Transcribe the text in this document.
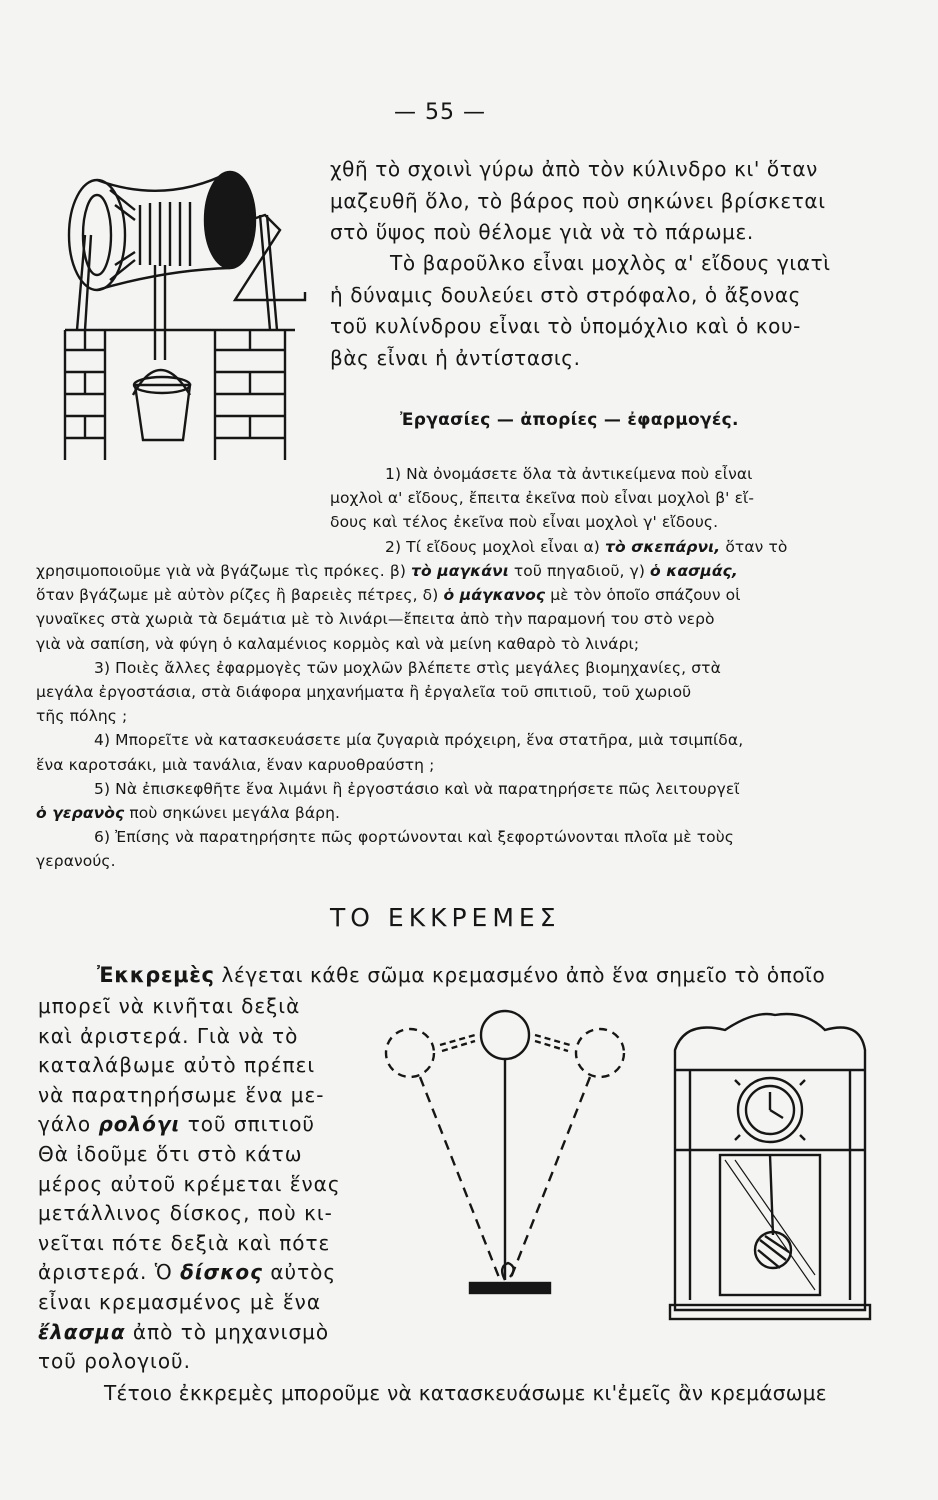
— 55 —
χθῆ τὸ σχοινὶ γύρω ἀπὸ τὸν κύλινδρο κι' ὅταν
μαζευθῆ ὅλο, τὸ βάρος ποὺ σηκώνει βρίσκεται
στὸ ὕψος ποὺ θέλομε γιὰ νὰ τὸ πάρωμε.
Τὸ βαροῦλκο εἶναι μοχλὸς α' εἴδους γιατὶ
ἡ δύναμις δουλεύει στὸ στρόφαλο, ὁ ἄξονας
τοῦ κυλίνδρου εἶναι τὸ ὑπομόχλιο καὶ ὁ κου-
βὰς εἶναι ἡ ἀντίστασις.
Ἐργασίες — ἀπορίες — ἐφαρμογές.
1) Νὰ ὀνομάσετε ὅλα τὰ ἀντικείμενα ποὺ εἶναι
μοχλοὶ α' εἴδους, ἔπειτα ἐκεῖνα ποὺ εἶναι μοχλοὶ β' εἴ-
δους καὶ τέλος ἐκεῖνα ποὺ εἶναι μοχλοὶ γ' εἴδους.
2) Τί εἴδους μοχλοὶ εἶναι α) τὸ σκεπάρνι, ὅταν τὸ
χρησιμοποιοῦμε γιὰ νὰ βγάζωμε τὶς πρόκες. β) τὸ μαγκάνι τοῦ πηγαδιοῦ, γ) ὁ κασμάς,
ὅταν βγάζωμε μὲ αὐτὸν ρίζες ἢ βαρειὲς πέτρες, δ) ὁ μάγκανος μὲ τὸν ὁποῖο σπάζουν οἱ
γυναῖκες στὰ χωριὰ τὰ δεμάτια μὲ τὸ λινάρι—ἔπειτα ἀπὸ τὴν παραμονή του στὸ νερὸ
γιὰ νὰ σαπίση, νὰ φύγη ὁ καλαμένιος κορμὸς καὶ νὰ μείνη καθαρὸ τὸ λινάρι;
3) Ποιὲς ἄλλες ἐφαρμογὲς τῶν μοχλῶν βλέπετε στὶς μεγάλες βιομηχανίες, στὰ
μεγάλα ἐργοστάσια, στὰ διάφορα μηχανήματα ἢ ἐργαλεῖα τοῦ σπιτιοῦ, τοῦ χωριοῦ
τῆς πόλης ;
4) Μπορεῖτε νὰ κατασκευάσετε μία ζυγαριὰ πρόχειρη, ἕνα στατῆρα, μιὰ τσιμπίδα,
ἕνα καροτσάκι, μιὰ τανάλια, ἕναν καρυοθραύστη ;
5) Νὰ ἐπισκεφθῆτε ἕνα λιμάνι ἢ ἐργοστάσιο καὶ νὰ παρατηρήσετε πῶς λειτουργεῖ
ὁ γερανὸς ποὺ σηκώνει μεγάλα βάρη.
6) Ἐπίσης νὰ παρατηρήσητε πῶς φορτώνονται καὶ ξεφορτώνονται πλοῖα μὲ τοὺς
γερανούς.
ΤΟ ΕΚΚΡΕΜΕΣ
Ἐκκρεμὲς λέγεται κάθε σῶμα κρεμασμένο ἀπὸ ἕνα σημεῖο τὸ ὁποῖο
μπορεῖ νὰ κινῆται δεξιὰ
καὶ ἀριστερά. Γιὰ νὰ τὸ
καταλάβωμε αὐτὸ πρέπει
νὰ παρατηρήσωμε ἕνα με-
γάλο ρολόγι τοῦ σπιτιοῦ
Θὰ ἰδοῦμε ὅτι στὸ κάτω
μέρος αὐτοῦ κρέμεται ἕνας
μετάλλινος δίσκος, ποὺ κι-
νεῖται πότε δεξιὰ καὶ πότε
ἀριστερά. Ὁ δίσκος αὐτὸς
εἶναι κρεμασμένος μὲ ἕνα
ἔλασμα ἀπὸ τὸ μηχανισμὸ
τοῦ ρολογιοῦ.
Τέτοιο ἐκκρεμὲς μποροῦμε νὰ κατασκευάσωμε κι'ἐμεῖς ἂν κρεμάσωμε
